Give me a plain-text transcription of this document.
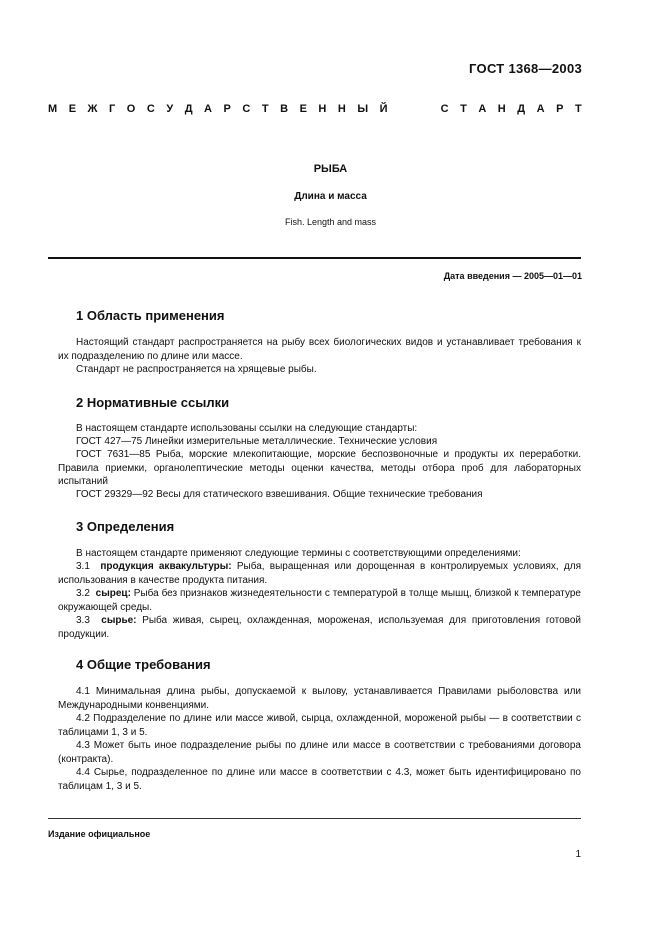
ГОСТ 1368—2003
М Е Ж Г О С У Д А Р С Т В Е Н Н Ы Й	С Т А Н Д А Р Т
РЫБА
Длина и масса
Fish. Length and mass
Дата введения — 2005—01—01
1 Область применения
Настоящий стандарт распространяется на рыбу всех биологических видов и устанавливает требования к их подразделению по длине или массе.
Стандарт не распространяется на хрящевые рыбы.
2 Нормативные ссылки
В настоящем стандарте использованы ссылки на следующие стандарты:
ГОСТ 427—75 Линейки измерительные металлические. Технические условия
ГОСТ 7631—85 Рыба, морские млекопитающие, морские беспозвоночные и продукты их переработки. Правила приемки, органолептические методы оценки качества, методы отбора проб для лабораторных испытаний
ГОСТ 29329—92 Весы для статического взвешивания. Общие технические требования
3 Определения
В настоящем стандарте применяют следующие термины с соответствующими определениями:
3.1 продукция аквакультуры: Рыба, выращенная или дорощенная в контролируемых условиях, для использования в качестве продукта питания.
3.2 сырец: Рыба без признаков жизнедеятельности с температурой в толще мышц, близкой к температуре окружающей среды.
3.3 сырье: Рыба живая, сырец, охлажденная, мороженая, используемая для приготовления готовой продукции.
4 Общие требования
4.1 Минимальная длина рыбы, допускаемой к вылову, устанавливается Правилами рыболовства или Международными конвенциями.
4.2 Подразделение по длине или массе живой, сырца, охлажденной, мороженой рыбы — в соответствии с таблицами 1, 3 и 5.
4.3 Может быть иное подразделение рыбы по длине или массе в соответствии с требованиями договора (контракта).
4.4 Сырье, подразделенное по длине или массе в соответствии с 4.3, может быть идентифицировано по таблицам 1, 3 и 5.
Издание официальное
1
